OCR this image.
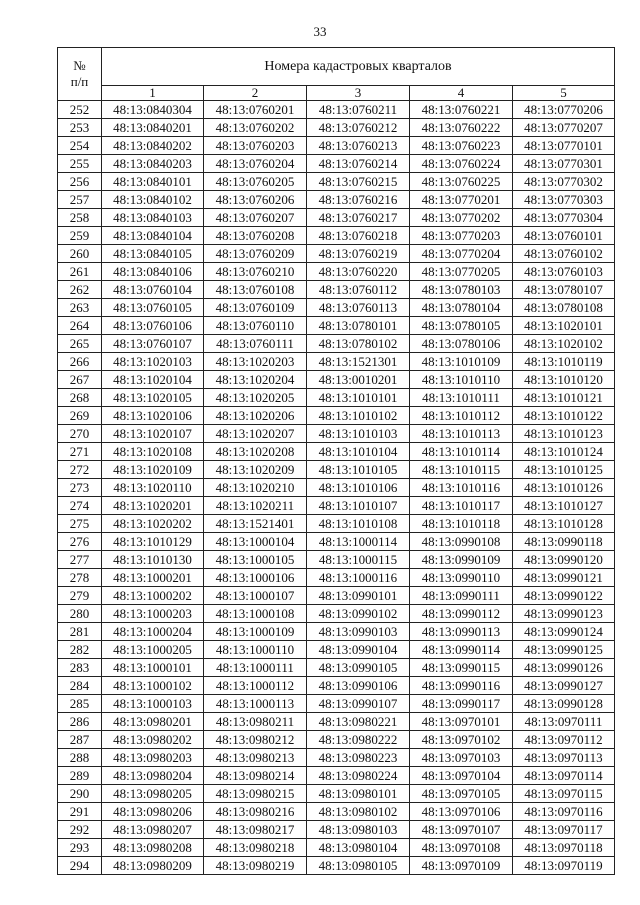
33
№
п/п	Номера кадастровых кварталов				
	1	2	3	4	5
252	48:13:0840304	48:13:0760201	48:13:0760211	48:13:0760221	48:13:0770206
253	48:13:0840201	48:13:0760202	48:13:0760212	48:13:0760222	48:13:0770207
254	48:13:0840202	48:13:0760203	48:13:0760213	48:13:0760223	48:13:0770101
255	48:13:0840203	48:13:0760204	48:13:0760214	48:13:0760224	48:13:0770301
256	48:13:0840101	48:13:0760205	48:13:0760215	48:13:0760225	48:13:0770302
257	48:13:0840102	48:13:0760206	48:13:0760216	48:13:0770201	48:13:0770303
258	48:13:0840103	48:13:0760207	48:13:0760217	48:13:0770202	48:13:0770304
259	48:13:0840104	48:13:0760208	48:13:0760218	48:13:0770203	48:13:0760101
260	48:13:0840105	48:13:0760209	48:13:0760219	48:13:0770204	48:13:0760102
261	48:13:0840106	48:13:0760210	48:13:0760220	48:13:0770205	48:13:0760103
262	48:13:0760104	48:13:0760108	48:13:0760112	48:13:0780103	48:13:0780107
263	48:13:0760105	48:13:0760109	48:13:0760113	48:13:0780104	48:13:0780108
264	48:13:0760106	48:13:0760110	48:13:0780101	48:13:0780105	48:13:1020101
265	48:13:0760107	48:13:0760111	48:13:0780102	48:13:0780106	48:13:1020102
266	48:13:1020103	48:13:1020203	48:13:1521301	48:13:1010109	48:13:1010119
267	48:13:1020104	48:13:1020204	48:13:0010201	48:13:1010110	48:13:1010120
268	48:13:1020105	48:13:1020205	48:13:1010101	48:13:1010111	48:13:1010121
269	48:13:1020106	48:13:1020206	48:13:1010102	48:13:1010112	48:13:1010122
270	48:13:1020107	48:13:1020207	48:13:1010103	48:13:1010113	48:13:1010123
271	48:13:1020108	48:13:1020208	48:13:1010104	48:13:1010114	48:13:1010124
272	48:13:1020109	48:13:1020209	48:13:1010105	48:13:1010115	48:13:1010125
273	48:13:1020110	48:13:1020210	48:13:1010106	48:13:1010116	48:13:1010126
274	48:13:1020201	48:13:1020211	48:13:1010107	48:13:1010117	48:13:1010127
275	48:13:1020202	48:13:1521401	48:13:1010108	48:13:1010118	48:13:1010128
276	48:13:1010129	48:13:1000104	48:13:1000114	48:13:0990108	48:13:0990118
277	48:13:1010130	48:13:1000105	48:13:1000115	48:13:0990109	48:13:0990120
278	48:13:1000201	48:13:1000106	48:13:1000116	48:13:0990110	48:13:0990121
279	48:13:1000202	48:13:1000107	48:13:0990101	48:13:0990111	48:13:0990122
280	48:13:1000203	48:13:1000108	48:13:0990102	48:13:0990112	48:13:0990123
281	48:13:1000204	48:13:1000109	48:13:0990103	48:13:0990113	48:13:0990124
282	48:13:1000205	48:13:1000110	48:13:0990104	48:13:0990114	48:13:0990125
283	48:13:1000101	48:13:1000111	48:13:0990105	48:13:0990115	48:13:0990126
284	48:13:1000102	48:13:1000112	48:13:0990106	48:13:0990116	48:13:0990127
285	48:13:1000103	48:13:1000113	48:13:0990107	48:13:0990117	48:13:0990128
286	48:13:0980201	48:13:0980211	48:13:0980221	48:13:0970101	48:13:0970111
287	48:13:0980202	48:13:0980212	48:13:0980222	48:13:0970102	48:13:0970112
288	48:13:0980203	48:13:0980213	48:13:0980223	48:13:0970103	48:13:0970113
289	48:13:0980204	48:13:0980214	48:13:0980224	48:13:0970104	48:13:0970114
290	48:13:0980205	48:13:0980215	48:13:0980101	48:13:0970105	48:13:0970115
291	48:13:0980206	48:13:0980216	48:13:0980102	48:13:0970106	48:13:0970116
292	48:13:0980207	48:13:0980217	48:13:0980103	48:13:0970107	48:13:0970117
293	48:13:0980208	48:13:0980218	48:13:0980104	48:13:0970108	48:13:0970118
294	48:13:0980209	48:13:0980219	48:13:0980105	48:13:0970109	48:13:0970119
